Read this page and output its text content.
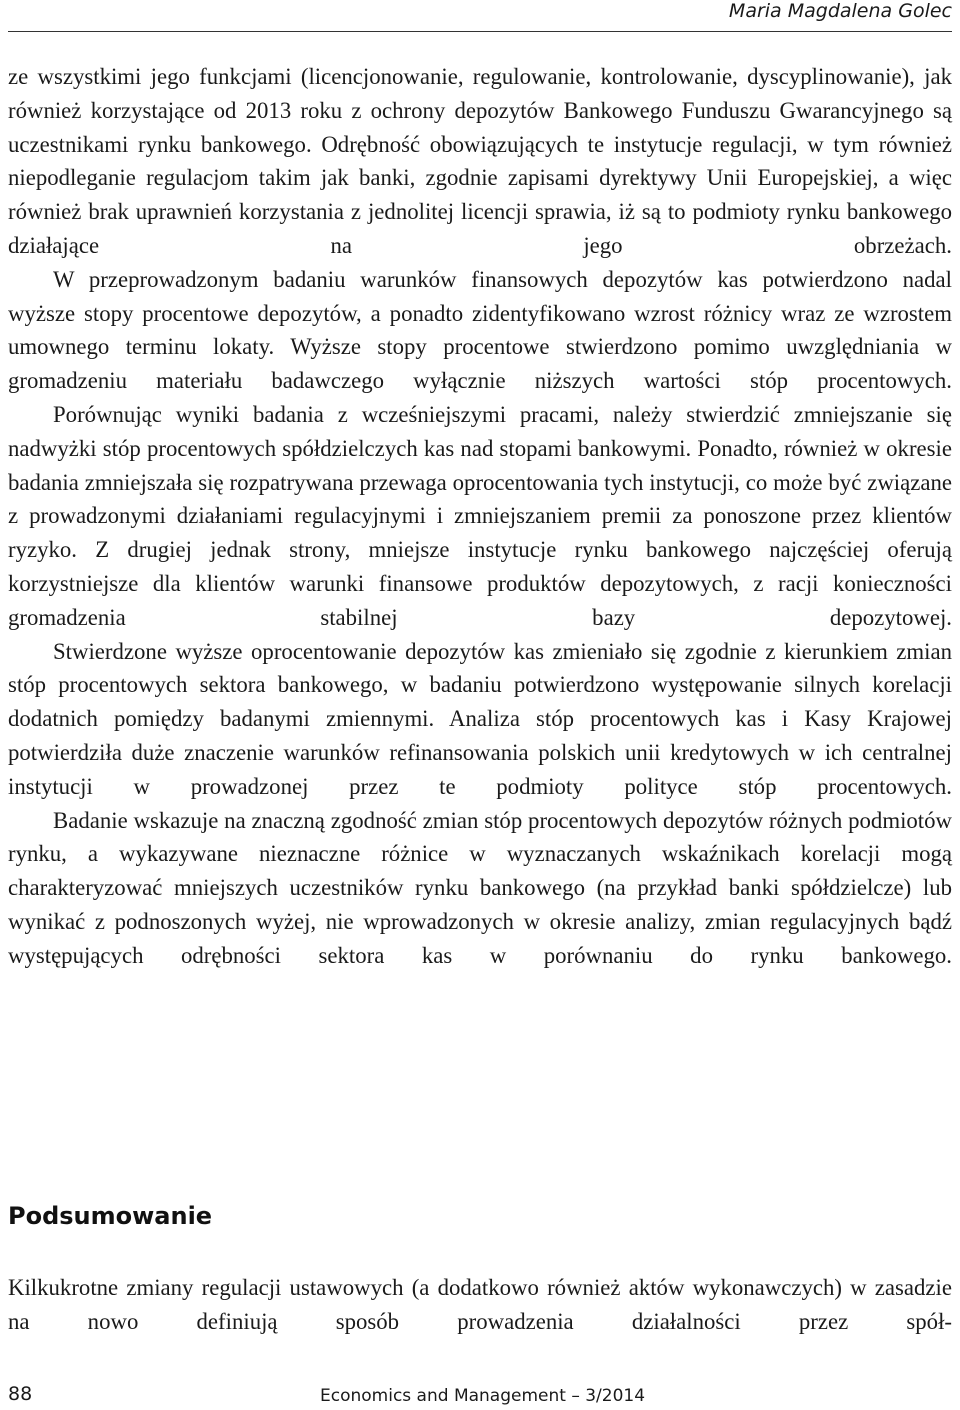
Maria Magdalena Golec

ze wszystkimi jego funkcjami (licencjonowanie, regulowanie, kontrolowanie, dyscyplinowanie), jak również korzystające od 2013 roku z ochrony depozytów Bankowego Funduszu Gwarancyjnego są uczestnikami rynku bankowego. Odrębność obowiązujących te instytucje regulacji, w tym również niepodleganie regulacjom takim jak banki, zgodnie zapisami dyrektywy Unii Europejskiej, a więc również brak uprawnień korzystania z jednolitej licencji sprawia, iż są to podmioty rynku bankowego działające na jego obrzeżach.

W przeprowadzonym badaniu warunków finansowych depozytów kas potwierdzono nadal wyższe stopy procentowe depozytów, a ponadto zidentyfikowano wzrost różnicy wraz ze wzrostem umownego terminu lokaty. Wyższe stopy procentowe stwierdzono pomimo uwzględniania w gromadzeniu materiału badawczego wyłącznie niższych wartości stóp procentowych.

Porównując wyniki badania z wcześniejszymi pracami, należy stwierdzić zmniejszanie się nadwyżki stóp procentowych spółdzielczych kas nad stopami bankowymi. Ponadto, również w okresie badania zmniejszała się rozpatrywana przewaga oprocentowania tych instytucji, co może być związane z prowadzonymi działaniami regulacyjnymi i zmniejszaniem premii za ponoszone przez klientów ryzyko. Z drugiej jednak strony, mniejsze instytucje rynku bankowego najczęściej oferują korzystniejsze dla klientów warunki finansowe produktów depozytowych, z racji konieczności gromadzenia stabilnej bazy depozytowej.

Stwierdzone wyższe oprocentowanie depozytów kas zmieniało się zgodnie z kierunkiem zmian stóp procentowych sektora bankowego, w badaniu potwierdzono występowanie silnych korelacji dodatnich pomiędzy badanymi zmiennymi. Analiza stóp procentowych kas i Kasy Krajowej potwierdziła duże znaczenie warunków refinansowania polskich unii kredytowych w ich centralnej instytucji w prowadzonej przez te podmioty polityce stóp procentowych.

Badanie wskazuje na znaczną zgodność zmian stóp procentowych depozytów różnych podmiotów rynku, a wykazywane nieznaczne różnice w wyznaczanych wskaźnikach korelacji mogą charakteryzować mniejszych uczestników rynku bankowego (na przykład banki spółdzielcze) lub wynikać z podnoszonych wyżej, nie wprowadzonych w okresie analizy, zmian regulacyjnych bądź występujących odrębności sektora kas w porównaniu do rynku bankowego.

Podsumowanie

Kilkukrotne zmiany regulacji ustawowych (a dodatkowo również aktów wykonawczych) w zasadzie na nowo definiują sposób prowadzenia działalności przez spół-

88	Economics and Management – 3/2014
